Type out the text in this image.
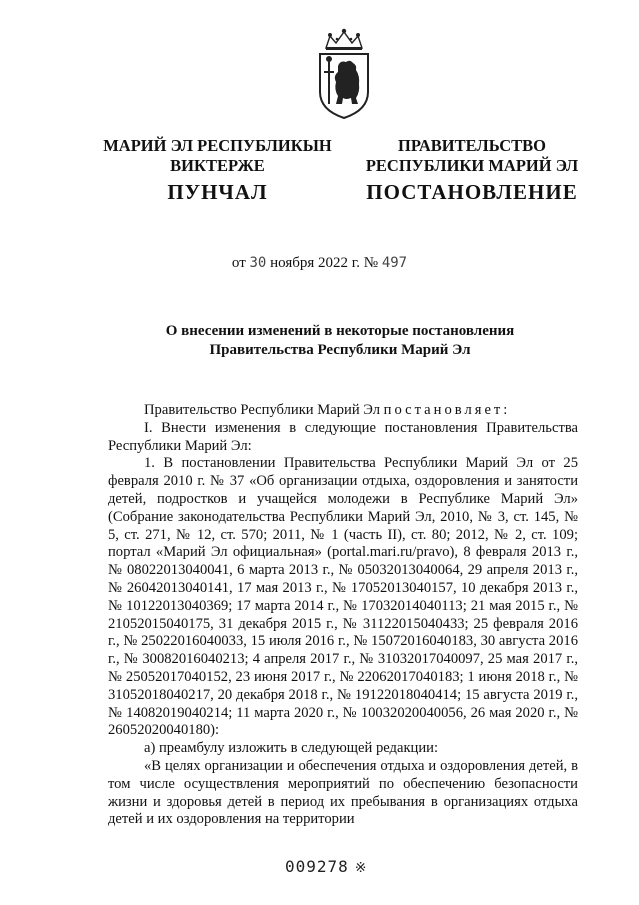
МАРИЙ ЭЛ РЕСПУБЛИКЫН
ВИКТЕРЖЕ
ПРАВИТЕЛЬСТВО
РЕСПУБЛИКИ МАРИЙ ЭЛ
ПУНЧАЛ	ПОСТАНОВЛЕНИЕ
от 30 ноября 2022 г. № 497
О внесении изменений в некоторые постановления
Правительства Республики Марий Эл

Правительство Республики Марий Эл постановляет:

I. Внести изменения в следующие постановления Правительства Республики Марий Эл:

1. В постановлении Правительства Республики Марий Эл от 25 февраля 2010 г. № 37 «Об организации отдыха, оздоровления и занятости детей, подростков и учащейся молодежи в Республике Марий Эл» (Собрание законодательства Республики Марий Эл, 2010, № 3, ст. 145, № 5, ст. 271, № 12, ст. 570; 2011, № 1 (часть II), ст. 80; 2012, № 2, ст. 109; портал «Марий Эл официальная» (portal.mari.ru/pravo), 8 февраля 2013 г., № 08022013040041, 6 марта 2013 г., № 05032013040064, 29 апреля 2013 г., № 26042013040141, 17 мая 2013 г., № 17052013040157, 10 декабря 2013 г., № 10122013040369; 17 марта 2014 г., № 17032014040113; 21 мая 2015 г., № 21052015040175, 31 декабря 2015 г., № 31122015040433; 25 февраля 2016 г., № 25022016040033, 15 июля 2016 г., № 15072016040183, 30 августа 2016 г., № 30082016040213; 4 апреля 2017 г., № 31032017040097, 25 мая 2017 г., № 25052017040152, 23 июня 2017 г., № 22062017040183; 1 июня 2018 г., № 31052018040217, 20 декабря 2018 г., № 19122018040414; 15 августа 2019 г., № 14082019040214; 11 марта 2020 г., № 10032020040056, 26 мая 2020 г., № 26052020040180):

а) преамбулу изложить в следующей редакции:

«В целях организации и обеспечения отдыха и оздоровления детей, в том числе осуществления мероприятий по обеспечению безопасности жизни и здоровья детей в период их пребывания в организациях отдыха детей и их оздоровления на территории

009278 ※
